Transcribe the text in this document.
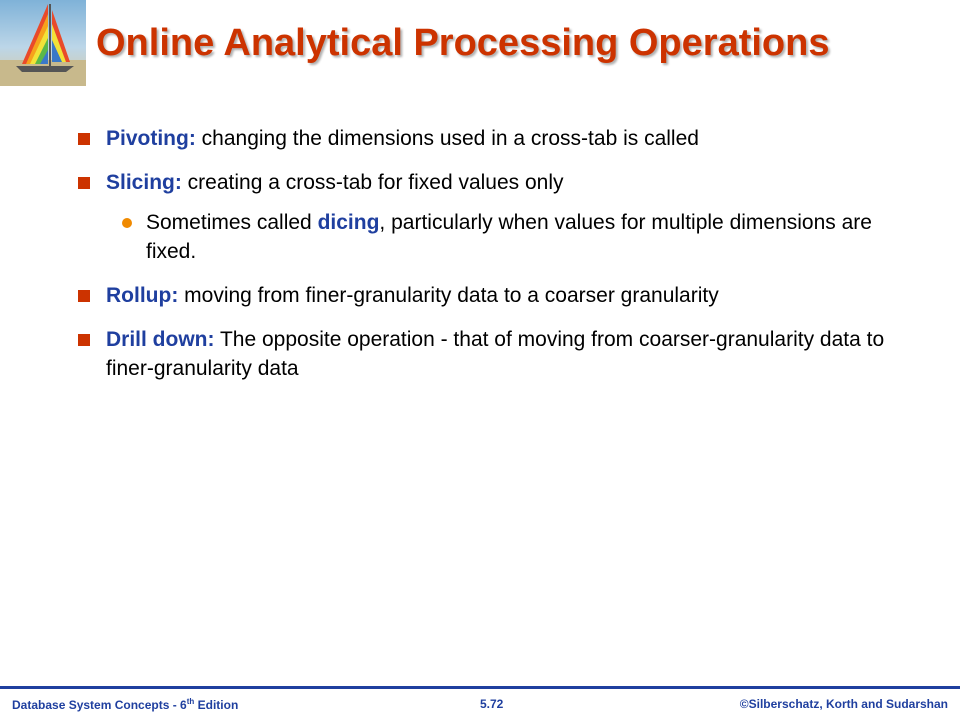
Online Analytical Processing Operations
Pivoting: changing the dimensions used in a cross-tab is called
Slicing: creating a cross-tab for fixed values only
Sometimes called dicing, particularly when values for multiple dimensions are fixed.
Rollup: moving from finer-granularity data to a coarser granularity
Drill down: The opposite operation - that of moving from coarser-granularity data to finer-granularity data
Database System Concepts - 6th Edition	5.72	©Silberschatz, Korth and Sudarshan
